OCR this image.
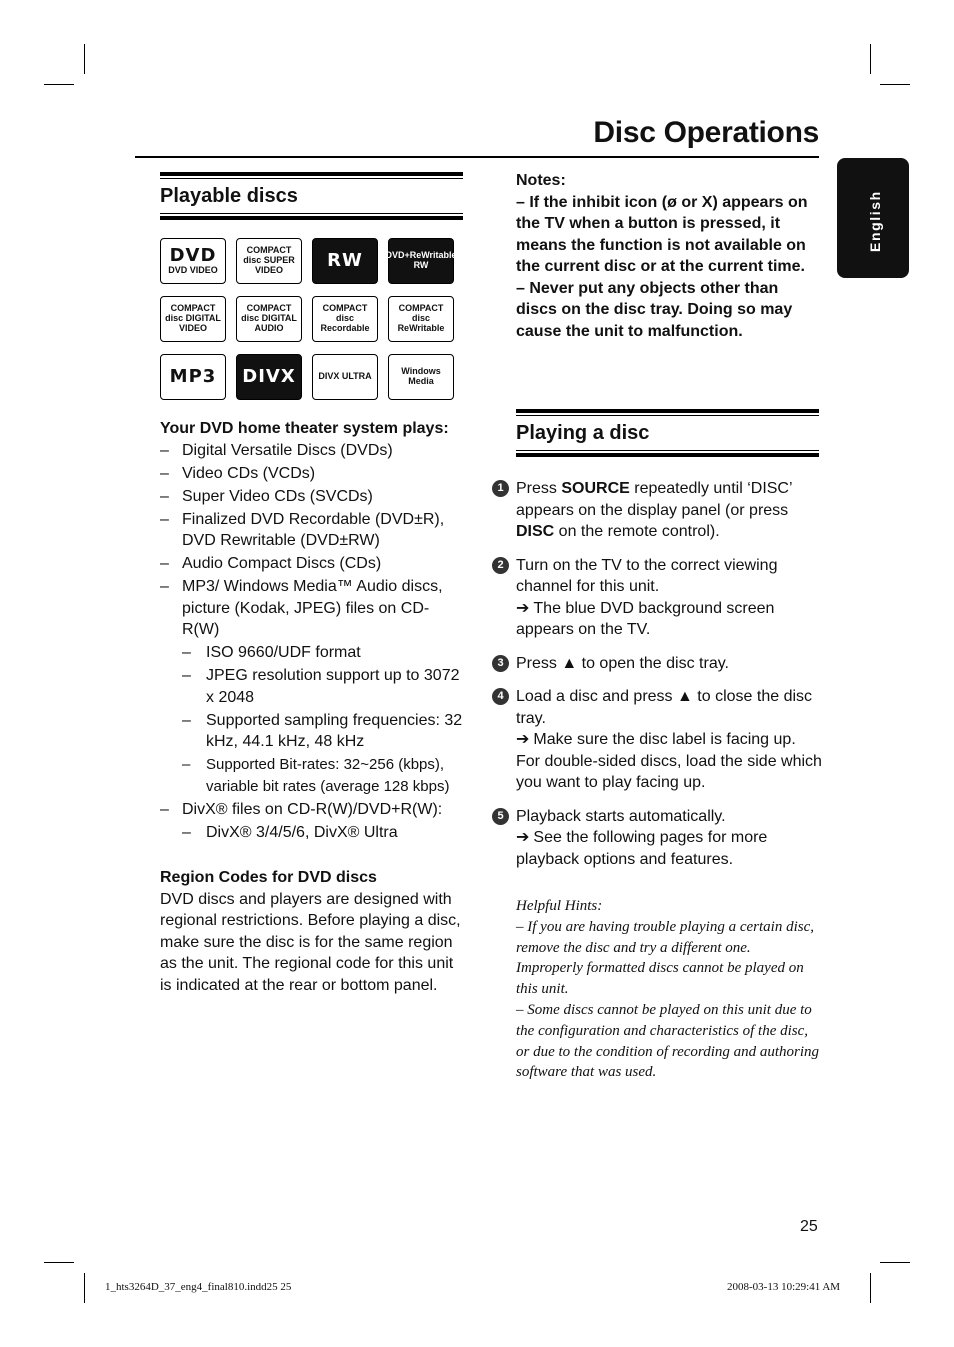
Disc Operations
English
Playable discs
DVD
DVD VIDEO
COMPACT disc SUPER VIDEO	RW	DVD+ReWritable RW
COMPACT disc DIGITAL VIDEO
COMPACT disc DIGITAL AUDIO
COMPACT disc Recordable
COMPACT disc ReWritable
MP3 DIVX	DIVX ULTRA	Windows Media
Your DVD home theater system plays:
– Digital Versatile Discs (DVDs)
– Video CDs (VCDs)
– Super Video CDs (SVCDs)
– Finalized DVD Recordable (DVD±R), DVD Rewritable (DVD±RW)
– Audio Compact Discs (CDs)
– MP3/ Windows Media™ Audio discs, picture (Kodak, JPEG) files on CD-R(W)
– ISO 9660/UDF format
– JPEG resolution support up to 3072 x 2048
– Supported sampling frequencies: 32 kHz, 44.1 kHz, 48 kHz
– Supported Bit-rates: 32~256 (kbps), variable bit rates (average 128 kbps)
– DivX® files on CD-R(W)/DVD+R(W):
– DivX® 3/4/5/6, DivX® Ultra
Region Codes for DVD discs
DVD discs and players are designed with regional restrictions. Before playing a disc, make sure the disc is for the same region as the unit. The regional code for this unit is indicated at the rear or bottom panel.

Notes:

– If the inhibit icon (ø or X) appears on the TV when a button is pressed, it means the function is not available on the current disc or at the current time.

– Never put any objects other than discs on the disc tray. Doing so may cause the unit to malfunction.

Playing a disc
1 Press SOURCE repeatedly until ‘DISC’ appears on the display panel (or press DISC on the remote control).
2 Turn on the TV to the correct viewing channel for this unit.
➔ The blue DVD background screen appears on the TV.
3 Press ▲ to open the disc tray.
4 Load a disc and press ▲ to close the disc tray.
➔ Make sure the disc label is facing up. For double-sided discs, load the side which you want to play facing up.
5 Playback starts automatically.
➔ See the following pages for more playback options and features.

Helpful Hints:

– If you are having trouble playing a certain disc, remove the disc and try a different one. Improperly formatted discs cannot be played on this unit.

– Some discs cannot be played on this unit due to the configuration and characteristics of the disc, or due to the condition of recording and authoring software that was used.

25
1_hts3264D_37_eng4_final810.indd25 25	2008-03-13 10:29:41 AM
